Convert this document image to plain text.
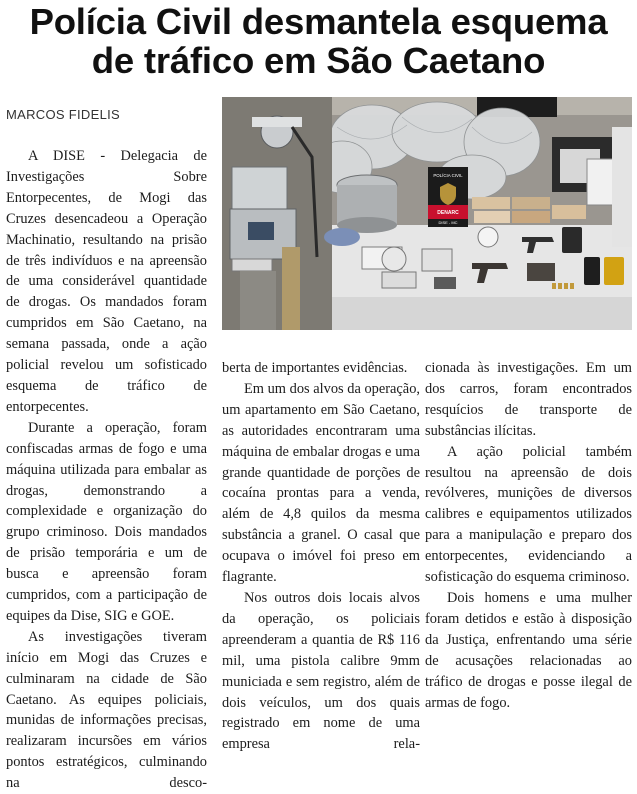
Polícia Civil desmantela esquema
de tráfico em São Caetano
MARCOS FIDELIS
POLÍCIA CIVIL
DENARC
DISE - MC

A DISE - Delegacia de Investigações Sobre Entorpecentes, de Mogi das Cruzes desencadeou a Operação Machinatio, resultando na prisão de três indivíduos e na apreensão de uma considerável quantidade de drogas. Os mandados foram cumpridos em São Caetano, na semana passada, onde a ação policial revelou um sofisticado esquema de tráfico de entorpecentes.

Durante a operação, foram confiscadas armas de fogo e uma máquina utilizada para embalar as drogas, demonstrando a complexidade e organização do grupo criminoso. Dois mandados de prisão temporária e um de busca e apreensão foram cumpridos, com a participação de equipes da Dise, SIG e GOE.

As investigações tiveram início em Mogi das Cruzes e culminaram na cidade de São Caetano. As equipes policiais, munidas de informações precisas, realizaram incursões em vários pontos estratégicos, culminando na desco-

berta de importantes evidências.

Em um dos alvos da operação, um apartamento em São Caetano, as autoridades encontraram uma máquina de embalar drogas e uma grande quantidade de porções de cocaína prontas para a venda, além de 4,8 quilos da mesma substância a granel. O casal que ocupava o imóvel foi preso em flagrante.

Nos outros dois locais alvos da operação, os policiais apreenderam a quantia de R$ 116 mil, uma pistola calibre 9mm municiada e sem registro, além de dois veículos, um dos quais registrado em nome de uma empresa rela-

cionada às investigações. Em um dos carros, foram encontrados resquícios de transporte de substâncias ilícitas.

A ação policial também resultou na apreensão de dois revólveres, munições de diversos calibres e equipamentos utilizados para a manipulação e preparo dos entorpecentes, evidenciando a sofisticação do esquema criminoso.

Dois homens e uma mulher foram detidos e estão à disposição da Justiça, enfrentando uma série de acusações relacionadas ao tráfico de drogas e posse ilegal de armas de fogo.
